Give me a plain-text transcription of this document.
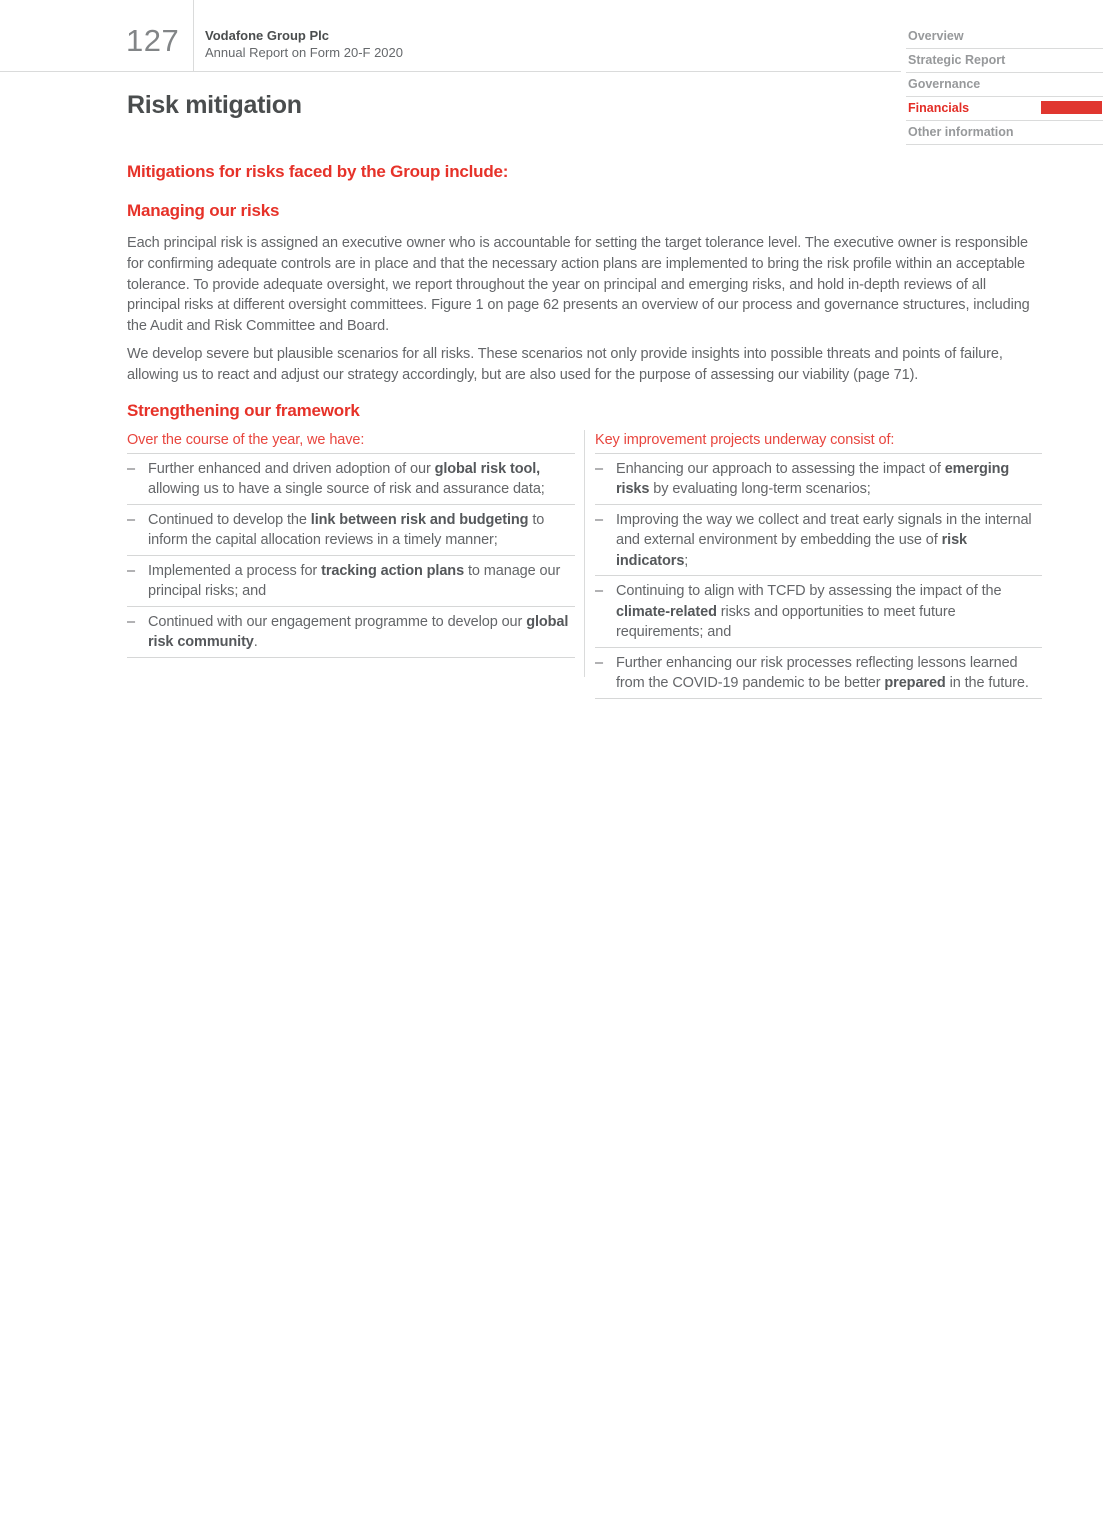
127 Vodafone Group Plc
Annual Report on Form 20-F 2020
Overview
Strategic Report
Governance
Financials
Other information
Risk mitigation
Mitigations for risks faced by the Group include:
Managing our risks

Each principal risk is assigned an executive owner who is accountable for setting the target tolerance level. The executive owner is responsible for confirming adequate controls are in place and that the necessary action plans are implemented to bring the risk profile within an acceptable tolerance. To provide adequate oversight, we report throughout the year on principal and emerging risks, and hold in-depth reviews of all principal risks at different oversight committees. Figure 1 on page 62 presents an overview of our process and governance structures, including the Audit and Risk Committee and Board.

We develop severe but plausible scenarios for all risks. These scenarios not only provide insights into possible threats and points of failure, allowing us to react and adjust our strategy accordingly, but are also used for the purpose of assessing our viability (page 71).

Strengthening our framework
Over the course of the year, we have:
– Further enhanced and driven adoption of our global risk tool, allowing us to have a single source of risk and assurance data;
– Continued to develop the link between risk and budgeting to inform the capital allocation reviews in a timely manner;
– Implemented a process for tracking action plans to manage our principal risks; and
– Continued with our engagement programme to develop our global risk community.
Key improvement projects underway consist of:
– Enhancing our approach to assessing the impact of emerging risks by evaluating long-term scenarios;
– Improving the way we collect and treat early signals in the internal and external environment by embedding the use of risk indicators;
– Continuing to align with TCFD by assessing the impact of the climate-related risks and opportunities to meet future requirements; and
– Further enhancing our risk processes reflecting lessons learned from the COVID-19 pandemic to be better prepared in the future.
